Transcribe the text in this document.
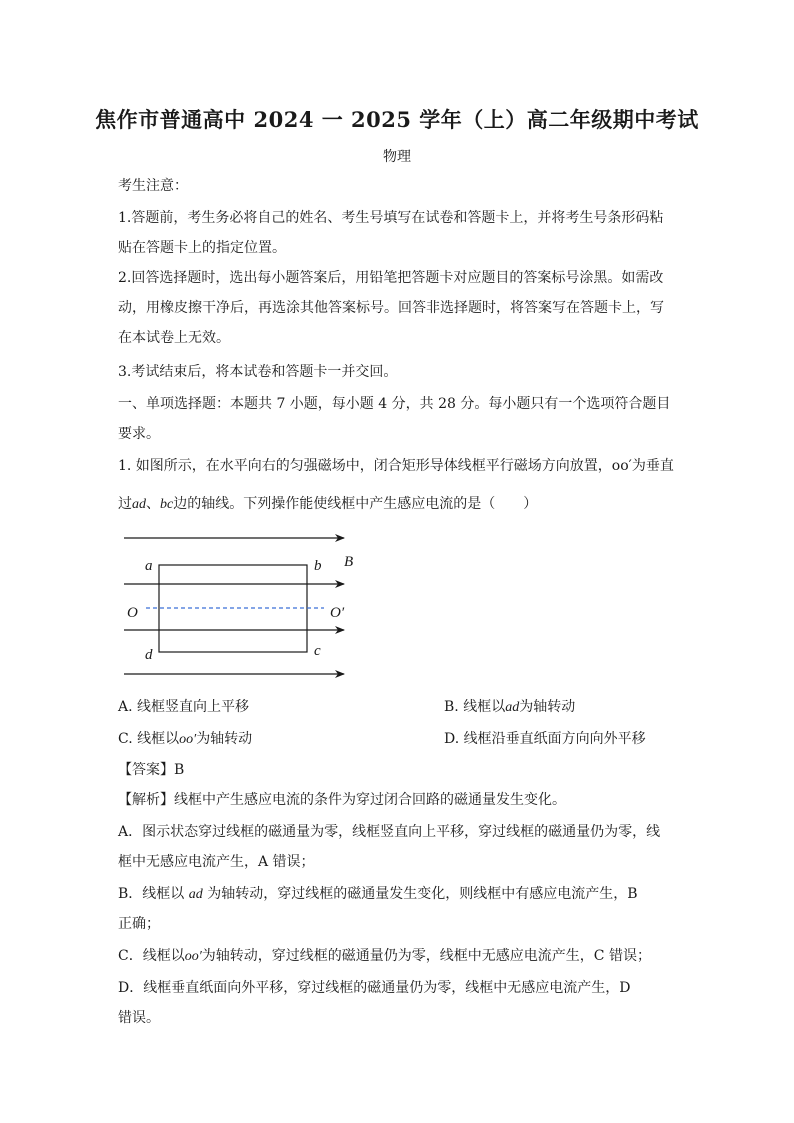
焦作市普通高中 2024 一 2025 学年（上）高二年级期中考试
物理
考生注意：
1.答题前，考生务必将自己的姓名、考生号填写在试卷和答题卡上，并将考生号条形码粘
贴在答题卡上的指定位置。
2.回答选择题时，选出每小题答案后，用铅笔把答题卡对应题目的答案标号涂黑。如需改
动，用橡皮擦干净后，再选涂其他答案标号。回答非选择题时，将答案写在答题卡上，写
在本试卷上无效。
3.考试结束后，将本试卷和答题卡一并交回。
一、单项选择题：本题共 7 小题，每小题 4 分，共 28 分。每小题只有一个选项符合题目
要求。
1. 如图所示，在水平向右的匀强磁场中，闭合矩形导体线框平行磁场方向放置，oo′为垂直
过ad、bc边的轴线。下列操作能使线框中产生感应电流的是（　　）
a	b B
O	O′
d	c
A. 线框竖直向上平移	B. 线框以ad为轴转动
C. 线框以oo′为轴转动	D. 线框沿垂直纸面方向向外平移
【答案】B
【解析】线框中产生感应电流的条件为穿过闭合回路的磁通量发生变化。
A．图示状态穿过线框的磁通量为零，线框竖直向上平移，穿过线框的磁通量仍为零，线
框中无感应电流产生，A 错误；
B．线框以 ad 为轴转动，穿过线框的磁通量发生变化，则线框中有感应电流产生，B
正确；
C．线框以oo′为轴转动，穿过线框的磁通量仍为零，线框中无感应电流产生，C 错误；
D．线框垂直纸面向外平移，穿过线框的磁通量仍为零，线框中无感应电流产生，D
错误。
